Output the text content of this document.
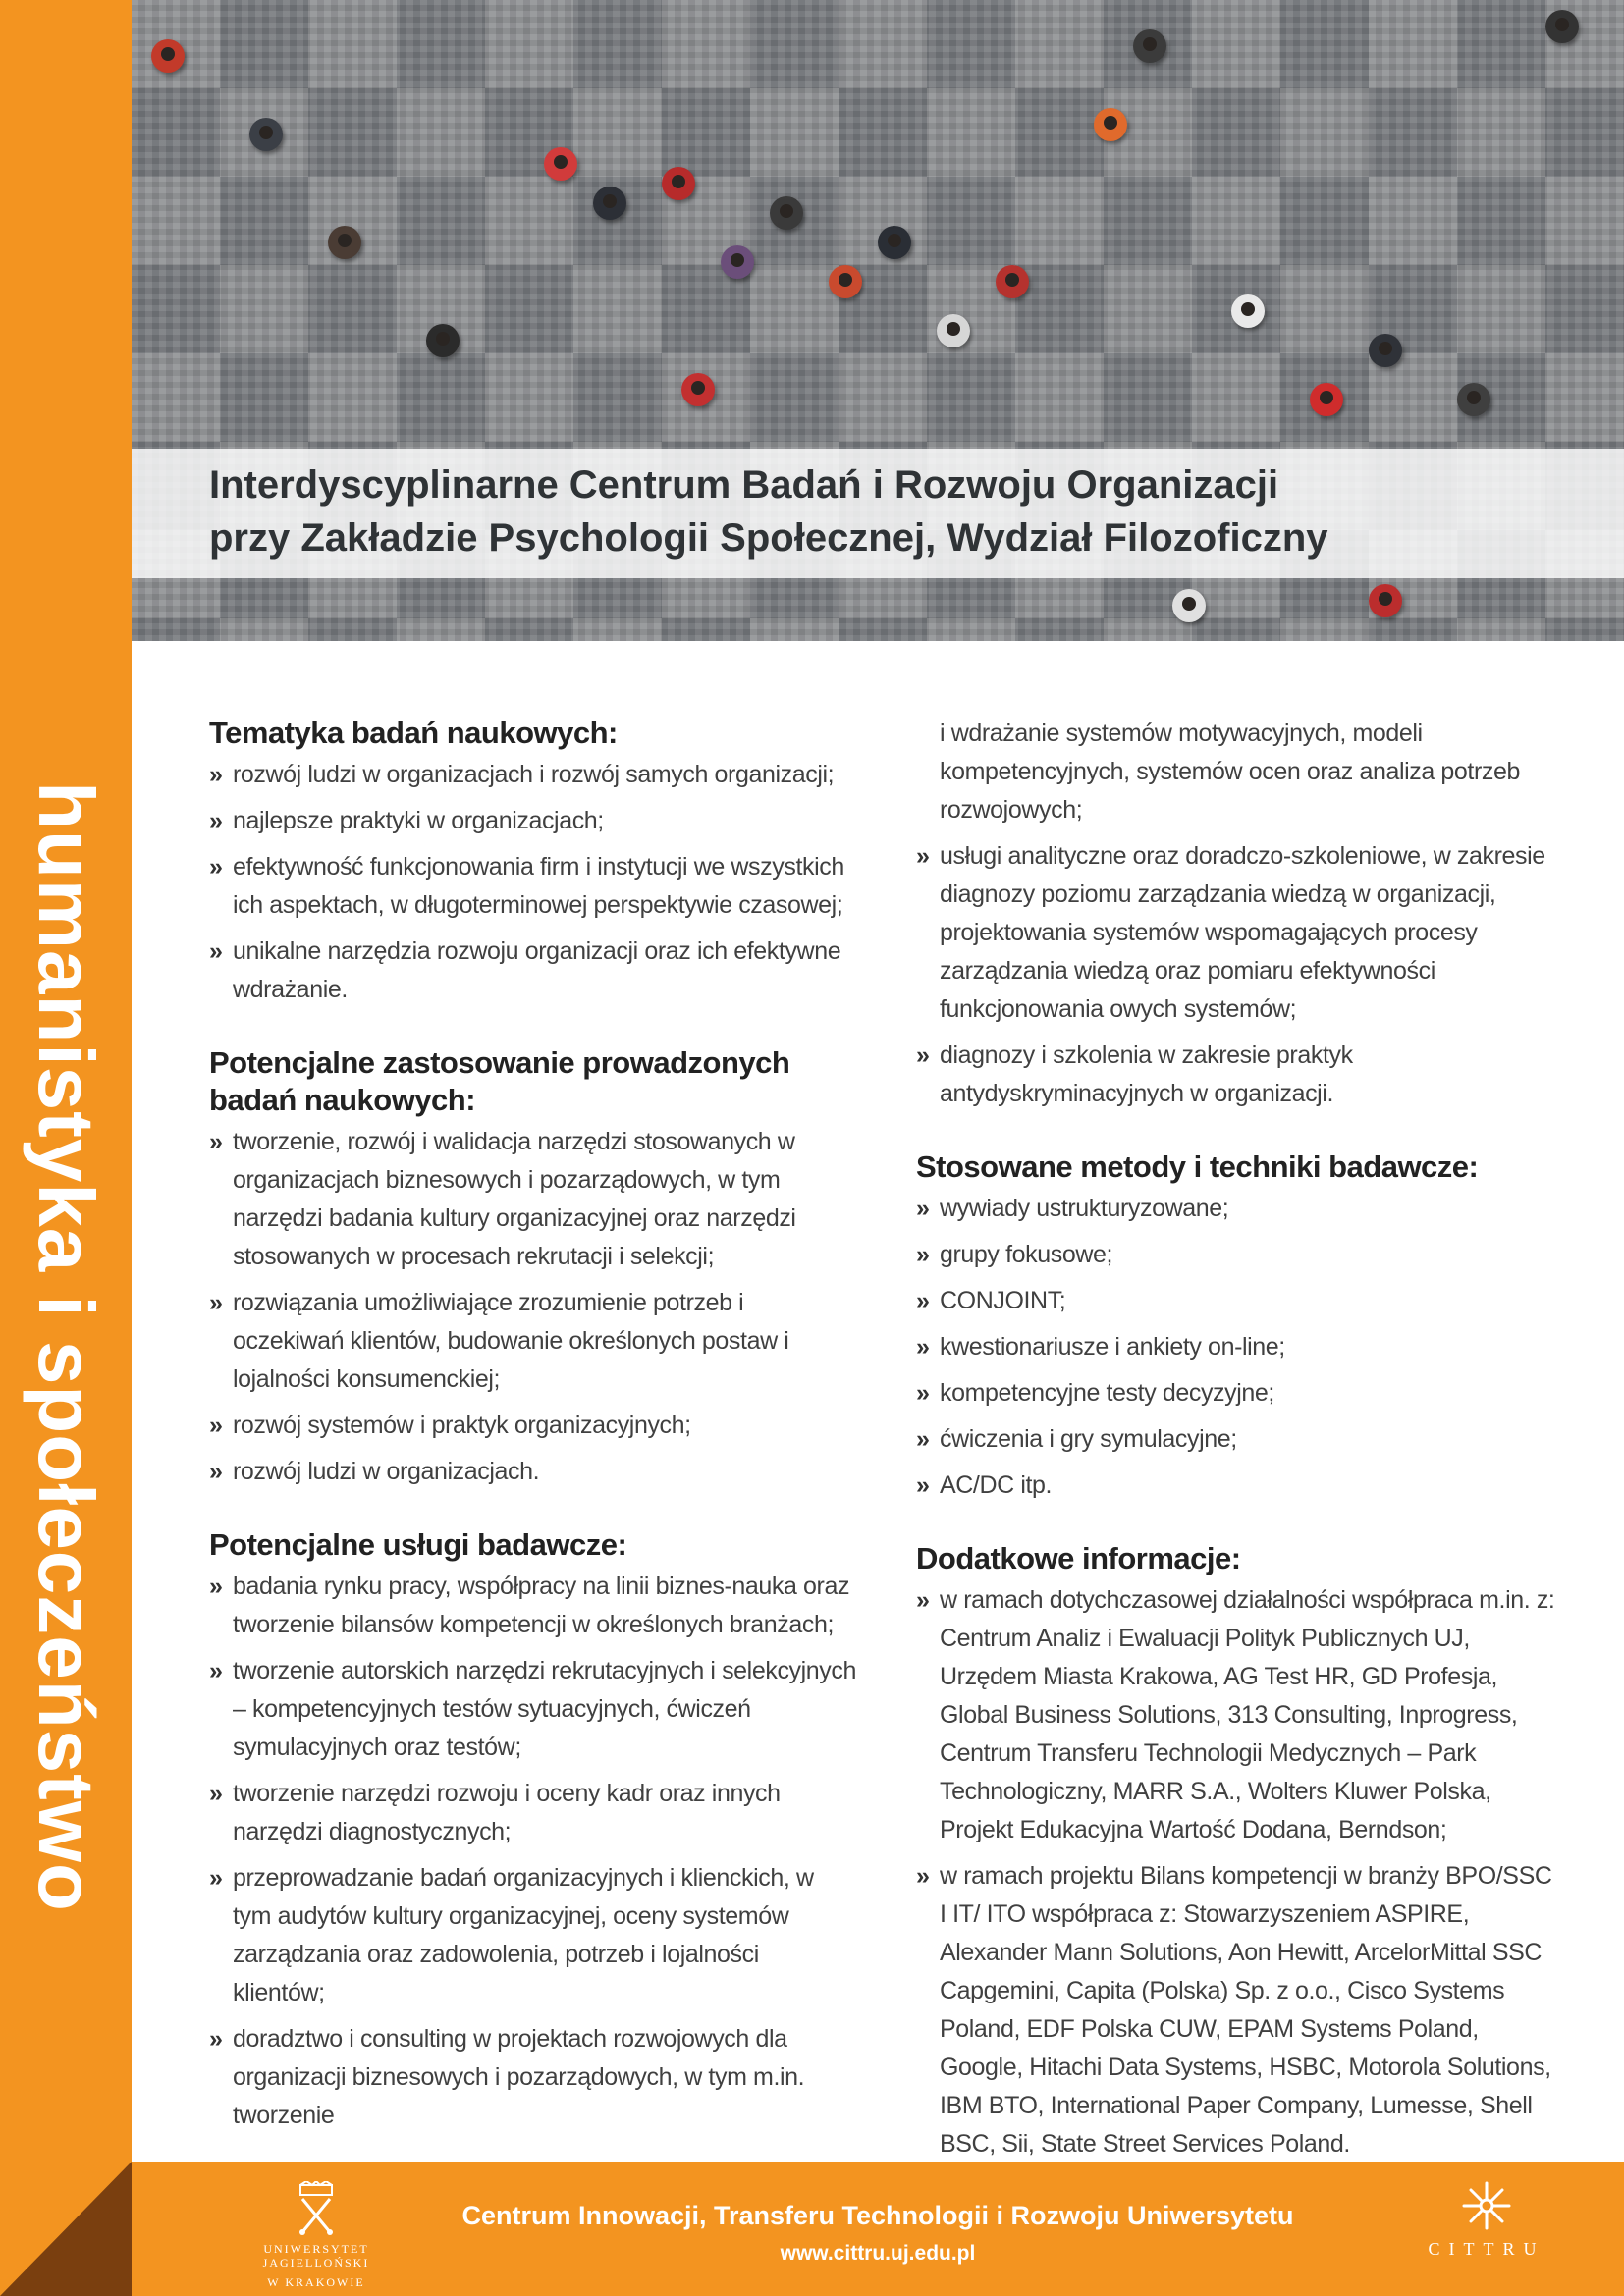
humanistyka i społeczeństwo
Interdyscyplinarne Centrum Badań i Rozwoju Organizacji
przy Zakładzie Psychologii Społecznej, Wydział Filozoficzny
Tematyka badań naukowych:
» rozwój ludzi w organizacjach i rozwój samych organizacji;
» najlepsze praktyki w organizacjach;
» efektywność funkcjonowania firm i instytucji we wszystkich ich aspektach, w długoterminowej perspektywie czasowej;
» unikalne narzędzia rozwoju organizacji oraz ich efektywne wdrażanie.
Potencjalne zastosowanie prowadzonych badań naukowych:
» tworzenie, rozwój i walidacja narzędzi stosowanych w organizacjach biznesowych i pozarządowych, w tym narzędzi badania kultury organizacyjnej oraz narzędzi stosowanych w procesach rekrutacji i selekcji;
» rozwiązania umożliwiające zrozumienie potrzeb i oczekiwań klientów, budowanie określonych postaw i lojalności konsumenckiej;
» rozwój systemów i praktyk organizacyjnych;
» rozwój ludzi w organizacjach.
Potencjalne usługi badawcze:
» badania rynku pracy, współpracy na linii biznes-nauka oraz tworzenie bilansów kompetencji w określonych branżach;
» tworzenie autorskich narzędzi rekrutacyjnych i selekcyjnych – kompetencyjnych testów sytuacyjnych, ćwiczeń symulacyjnych oraz testów;
» tworzenie narzędzi rozwoju i oceny kadr oraz innych narzędzi diagnostycznych;
» przeprowadzanie badań organizacyjnych i klienckich, w tym audytów kultury organizacyjnej, oceny systemów zarządzania oraz zadowolenia, potrzeb i lojalności klientów;
» doradztwo i consulting w projektach rozwojowych dla organizacji biznesowych i pozarządowych, w tym m.in. tworzenie

i wdrażanie systemów motywacyjnych, modeli kompetencyjnych, systemów ocen oraz analiza potrzeb rozwojowych;

» usługi analityczne oraz doradczo-szkoleniowe, w zakresie diagnozy poziomu zarządzania wiedzą w organizacji, projektowania systemów wspomagających procesy zarządzania wiedzą oraz pomiaru efektywności funkcjonowania owych systemów;
» diagnozy i szkolenia w zakresie praktyk antydyskryminacyjnych w organizacji.
Stosowane metody i techniki badawcze:
» wywiady ustrukturyzowane;
» grupy fokusowe;
» CONJOINT;
» kwestionariusze i ankiety on-line;
» kompetencyjne testy decyzyjne;
» ćwiczenia i gry symulacyjne;
» AC/DC itp.
Dodatkowe informacje:
» w ramach dotychczasowej działalności współpraca m.in. z: Centrum Analiz i Ewaluacji Polityk Publicznych UJ, Urzędem Miasta Krakowa, AG Test HR, GD Profesja, Global Business Solutions, 313 Consulting, Inprogress, Centrum Transferu Technologii Medycznych – Park Technologiczny, MARR S.A., Wolters Kluwer Polska, Projekt Edukacyjna Wartość Dodana, Berndson;
» w ramach projektu Bilans kompetencji w branży BPO/SSC I IT/ ITO współpraca z: Stowarzyszeniem ASPIRE, Alexander Mann Solutions, Aon Hewitt, ArcelorMittal SSC Capgemini, Capita (Polska) Sp. z o.o., Cisco Systems Poland, EDF Polska CUW, EPAM Systems Poland, Google, Hitachi Data Systems, HSBC, Motorola Solutions, IBM BTO, International Paper Company, Lumesse, Shell BSC, Sii, State Street Services Poland.
UNIWERSYTET JAGIELLOŃSKI
W KRAKOWIE
Centrum Innowacji, Transferu Technologii i Rozwoju Uniwersytetu
www.cittru.uj.edu.pl	CITTRU
